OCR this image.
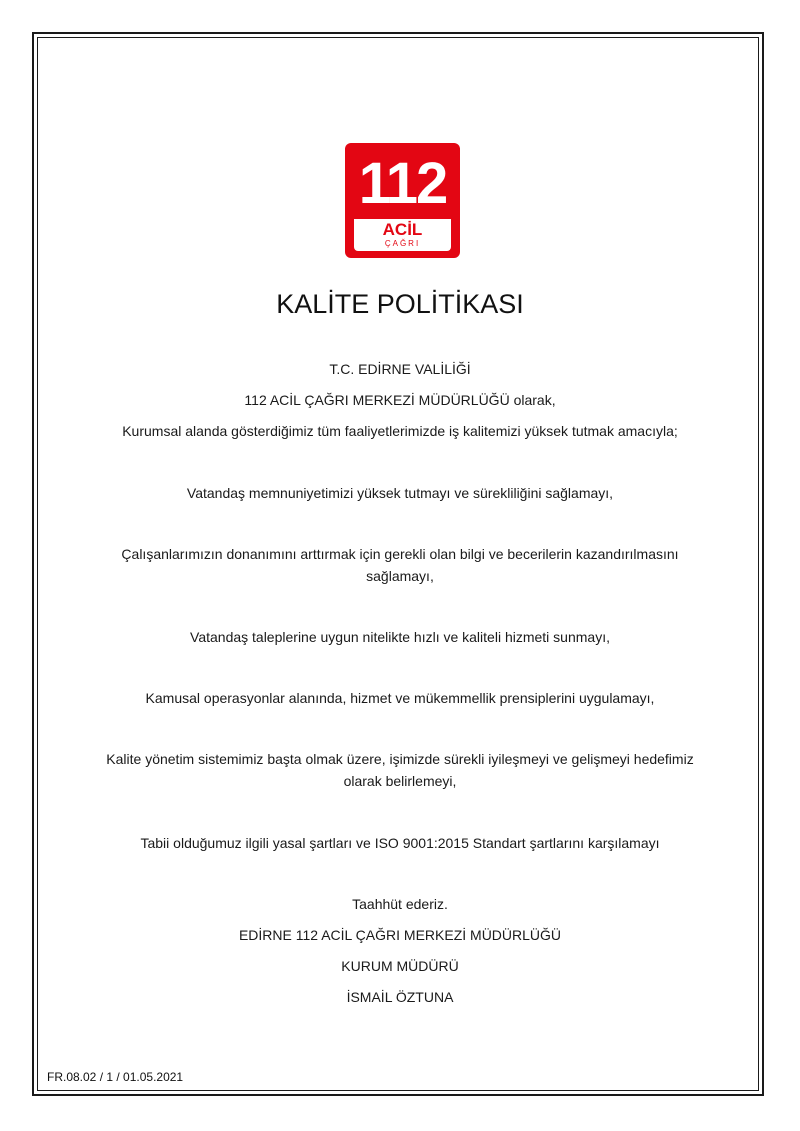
112
ACİL
ÇAĞRI
KALİTE POLİTİKASI
T.C. EDİRNE VALİLİĞİ
112 ACİL ÇAĞRI MERKEZİ MÜDÜRLÜĞÜ olarak,
Kurumsal alanda gösterdiğimiz tüm faaliyetlerimizde iş kalitemizi yüksek tutmak amacıyla;
Vatandaş memnuniyetimizi yüksek tutmayı ve sürekliliğini sağlamayı,
Çalışanlarımızın donanımını arttırmak için gerekli olan bilgi ve becerilerin kazandırılmasını
sağlamayı,
Vatandaş taleplerine uygun nitelikte hızlı ve kaliteli hizmeti sunmayı,
Kamusal operasyonlar alanında, hizmet ve mükemmellik prensiplerini uygulamayı,
Kalite yönetim sistemimiz başta olmak üzere, işimizde sürekli iyileşmeyi ve gelişmeyi hedefimiz
olarak belirlemeyi,
Tabii olduğumuz ilgili yasal şartları ve ISO 9001:2015 Standart şartlarını karşılamayı
Taahhüt ederiz.
EDİRNE 112 ACİL ÇAĞRI MERKEZİ MÜDÜRLÜĞÜ
KURUM MÜDÜRÜ
İSMAİL ÖZTUNA
FR.08.02 / 1 / 01.05.2021
